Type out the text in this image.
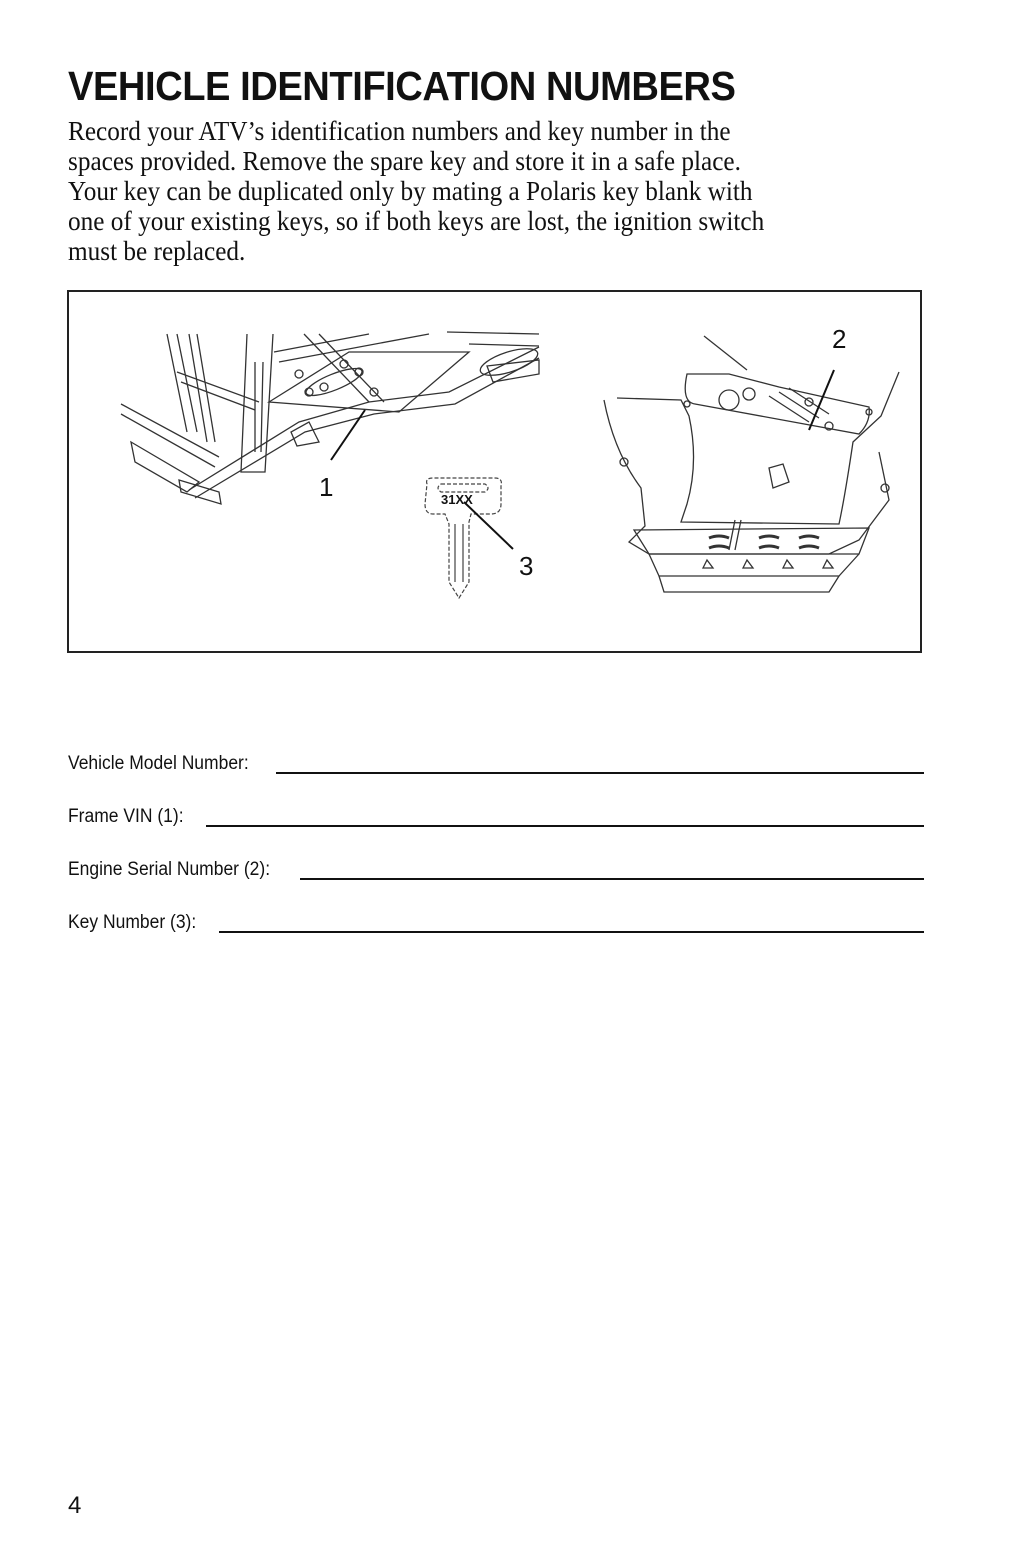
VEHICLE IDENTIFICATION NUMBERS
Record your ATV’s identification numbers and key number in the
spaces provided. Remove the spare key and store it in a safe place.
Your key can be duplicated only by mating a Polaris key blank with
one of your existing keys, so if both keys are lost, the ignition switch
must be replaced.
1	31XX
3
2
Vehicle Model Number:
Frame VIN (1):
Engine Serial Number (2):
Key Number (3):
4
